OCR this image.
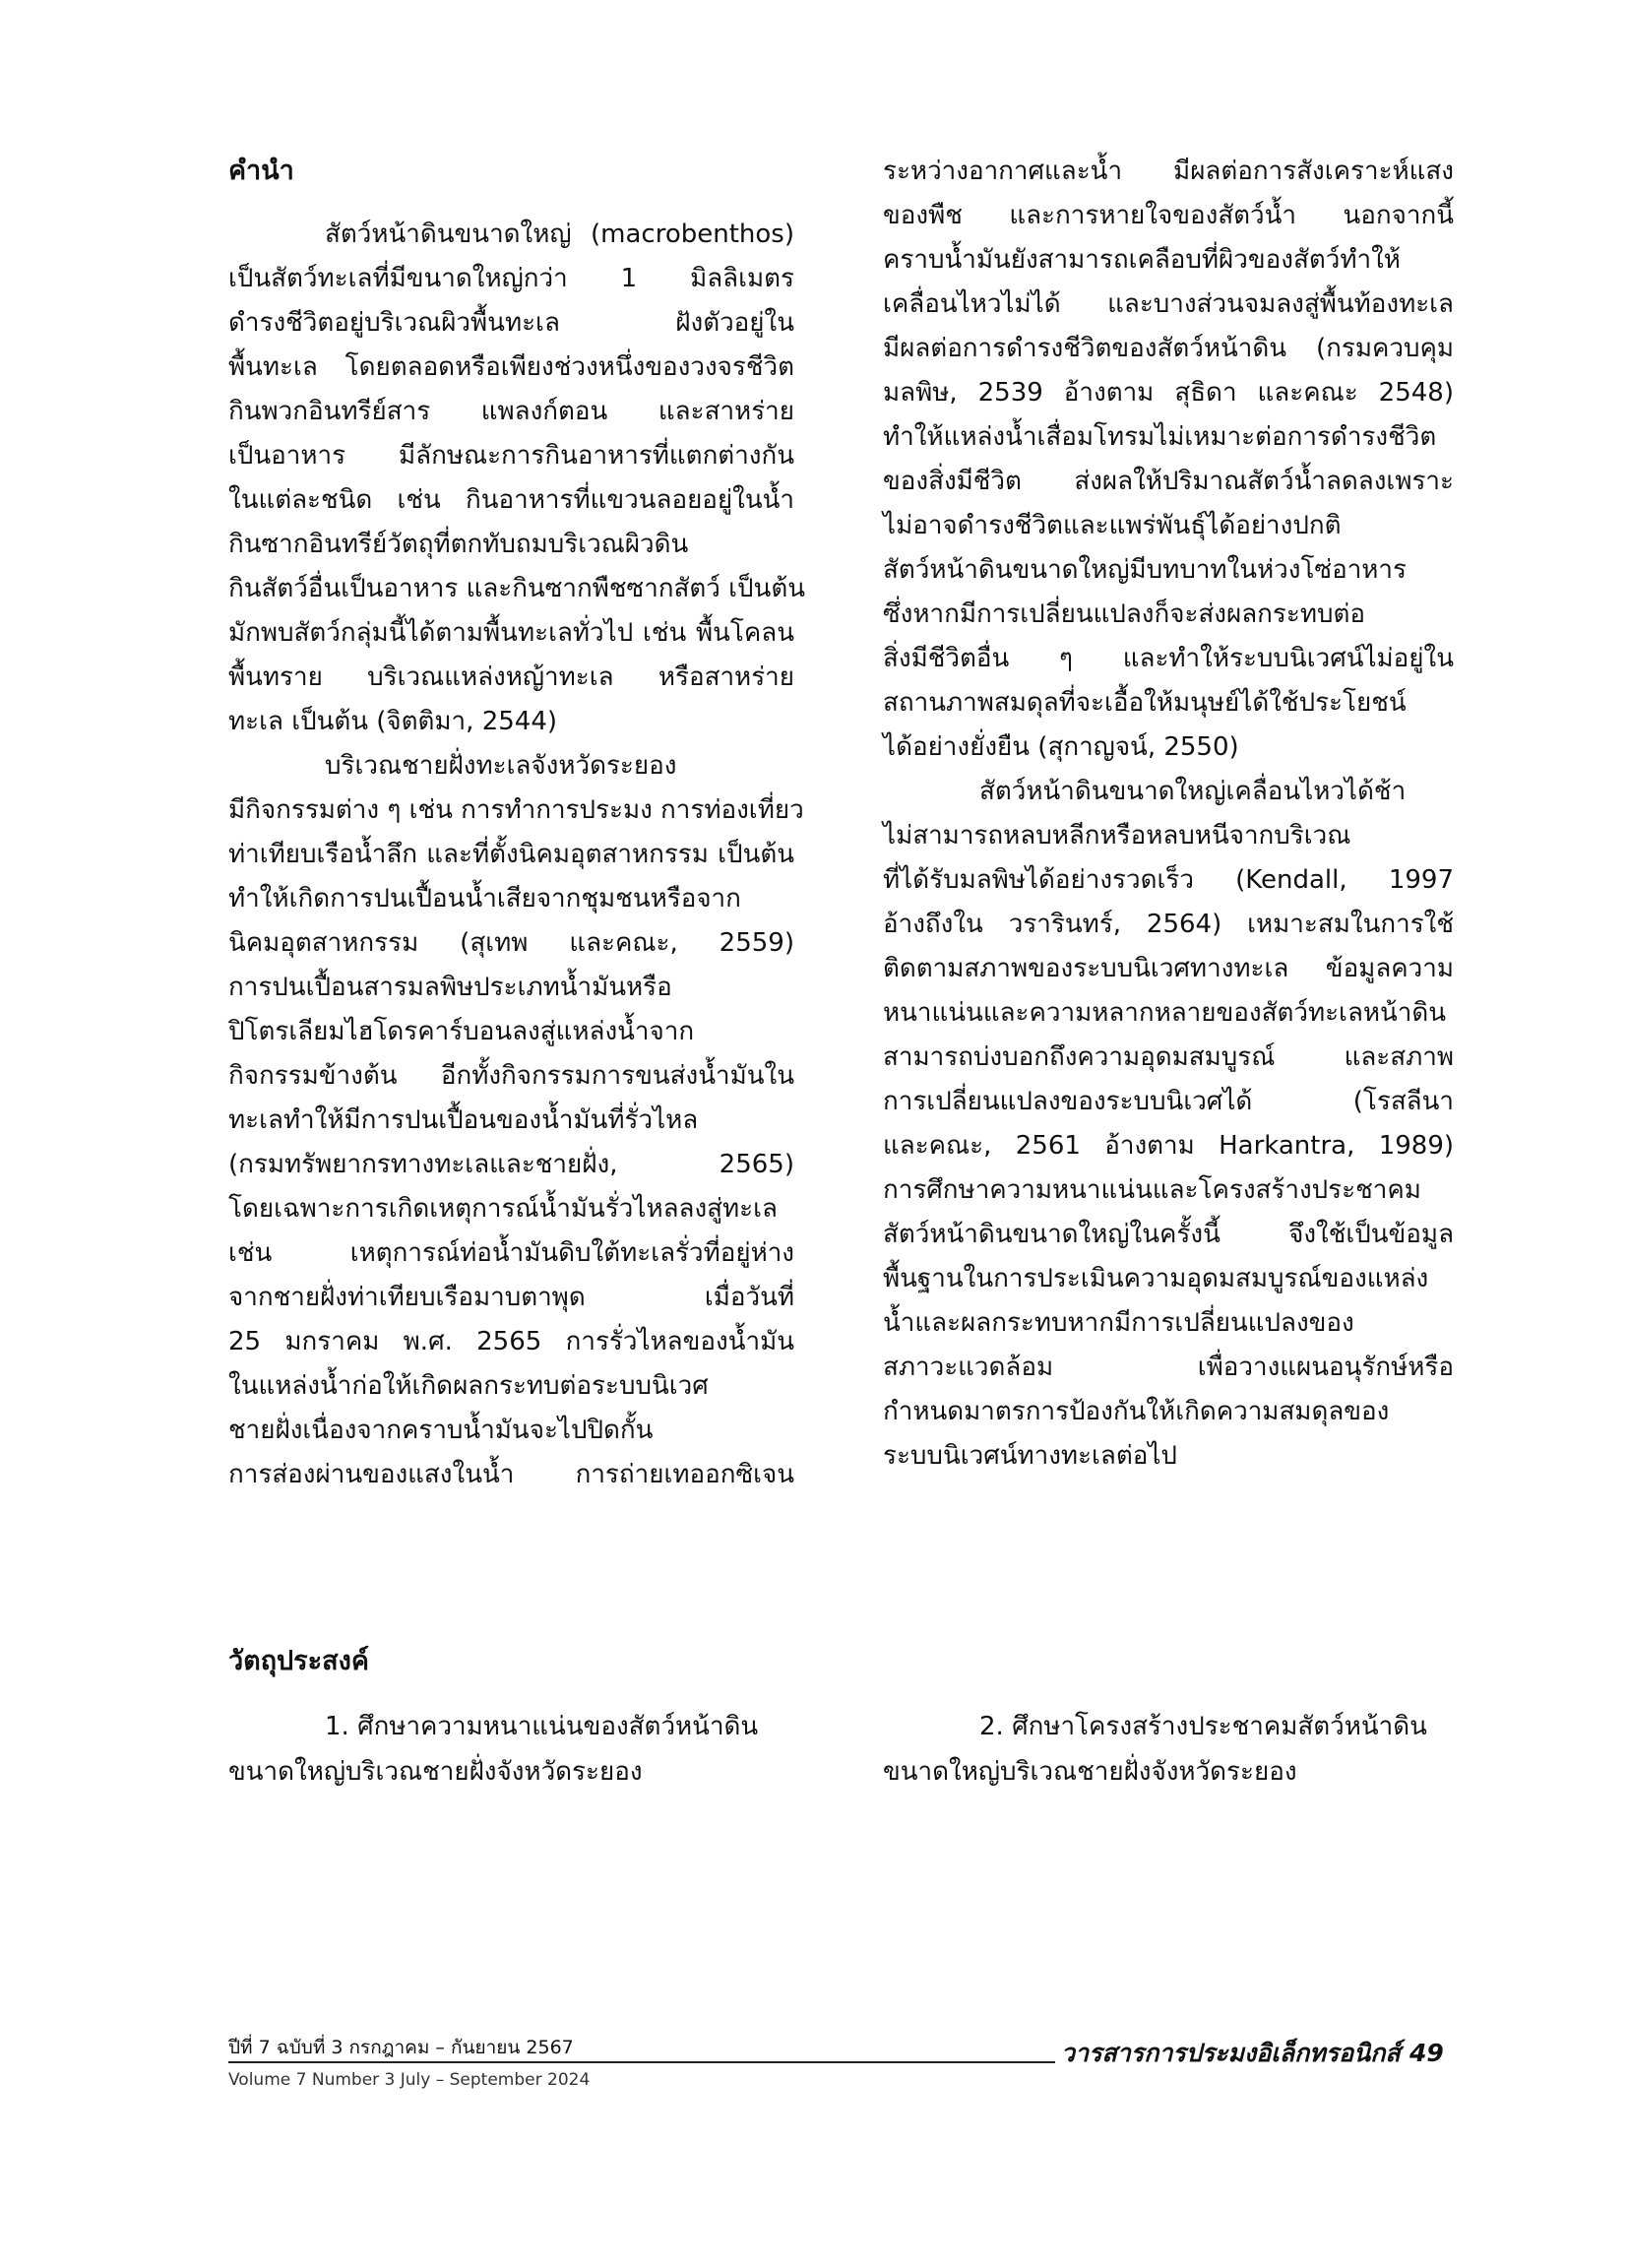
คำนำ
สัตว์หน้าดินขนาดใหญ่ (macrobenthos)
เป็นสัตว์ทะเลที่มีขนาดใหญ่กว่า 1 มิลลิเมตร
ดำรงชีวิตอยู่บริเวณผิวพื้นทะเล ฝังตัวอยู่ใน
พื้นทะเล โดยตลอดหรือเพียงช่วงหนึ่งของวงจรชีวิต
กินพวกอินทรีย์สาร แพลงก์ตอน และสาหร่าย
เป็นอาหาร มีลักษณะการกินอาหารที่แตกต่างกัน
ในแต่ละชนิด เช่น กินอาหารที่แขวนลอยอยู่ในน้ำ
กินซากอินทรีย์วัตถุที่ตกทับถมบริเวณผิวดิน
กินสัตว์อื่นเป็นอาหาร และกินซากพืชซากสัตว์ เป็นต้น
มักพบสัตว์กลุ่มนี้ได้ตามพื้นทะเลทั่วไป เช่น พื้นโคลน
พื้นทราย บริเวณแหล่งหญ้าทะเล หรือสาหร่าย
ทะเล เป็นต้น (จิตติมา, 2544)
บริเวณชายฝั่งทะเลจังหวัดระยอง
มีกิจกรรมต่าง ๆ เช่น การทำการประมง การท่องเที่ยว
ท่าเทียบเรือน้ำลึก และที่ตั้งนิคมอุตสาหกรรม เป็นต้น
ทำให้เกิดการปนเปื้อนน้ำเสียจากชุมชนหรือจาก
นิคมอุตสาหกรรม (สุเทพ และคณะ, 2559)
การปนเปื้อนสารมลพิษประเภทน้ำมันหรือ
ปิโตรเลียมไฮโดรคาร์บอนลงสู่แหล่งน้ำจาก
กิจกรรมข้างต้น อีกทั้งกิจกรรมการขนส่งน้ำมันใน
ทะเลทำให้มีการปนเปื้อนของน้ำมันที่รั่วไหล
(กรมทรัพยากรทางทะเลและชายฝั่ง, 2565)
โดยเฉพาะการเกิดเหตุการณ์น้ำมันรั่วไหลลงสู่ทะเล
เช่น เหตุการณ์ท่อน้ำมันดิบใต้ทะเลรั่วที่อยู่ห่าง
จากชายฝั่งท่าเทียบเรือมาบตาพุด เมื่อวันที่
25 มกราคม พ.ศ. 2565 การรั่วไหลของน้ำมัน
ในแหล่งน้ำก่อให้เกิดผลกระทบต่อระบบนิเวศ
ชายฝั่งเนื่องจากคราบน้ำมันจะไปปิดกั้น
การส่องผ่านของแสงในน้ำ การถ่ายเทออกซิเจน
ระหว่างอากาศและน้ำ มีผลต่อการสังเคราะห์แสง
ของพืช และการหายใจของสัตว์น้ำ นอกจากนี้
คราบน้ำมันยังสามารถเคลือบที่ผิวของสัตว์ทำให้
เคลื่อนไหวไม่ได้ และบางส่วนจมลงสู่พื้นท้องทะเล
มีผลต่อการดำรงชีวิตของสัตว์หน้าดิน (กรมควบคุม
มลพิษ, 2539 อ้างตาม สุธิดา และคณะ 2548)
ทำให้แหล่งน้ำเสื่อมโทรมไม่เหมาะต่อการดำรงชีวิต
ของสิ่งมีชีวิต ส่งผลให้ปริมาณสัตว์น้ำลดลงเพราะ
ไม่อาจดำรงชีวิตและแพร่พันธุ์ได้อย่างปกติ
สัตว์หน้าดินขนาดใหญ่มีบทบาทในห่วงโซ่อาหาร
ซึ่งหากมีการเปลี่ยนแปลงก็จะส่งผลกระทบต่อ
สิ่งมีชีวิตอื่น ๆ และทำให้ระบบนิเวศน์ไม่อยู่ใน
สถานภาพสมดุลที่จะเอื้อให้มนุษย์ได้ใช้ประโยชน์
ได้อย่างยั่งยืน (สุกาญจน์, 2550)
สัตว์หน้าดินขนาดใหญ่เคลื่อนไหวได้ช้า
ไม่สามารถหลบหลีกหรือหลบหนีจากบริเวณ
ที่ได้รับมลพิษได้อย่างรวดเร็ว (Kendall, 1997
อ้างถึงใน วรารินทร์, 2564) เหมาะสมในการใช้
ติดตามสภาพของระบบนิเวศทางทะเล ข้อมูลความ
หนาแน่นและความหลากหลายของสัตว์ทะเลหน้าดิน
สามารถบ่งบอกถึงความอุดมสมบูรณ์ และสภาพ
การเปลี่ยนแปลงของระบบนิเวศได้ (โรสลีนา
และคณะ, 2561 อ้างตาม Harkantra, 1989)
การศึกษาความหนาแน่นและโครงสร้างประชาคม
สัตว์หน้าดินขนาดใหญ่ในครั้งนี้ จึงใช้เป็นข้อมูล
พื้นฐานในการประเมินความอุดมสมบูรณ์ของแหล่ง
น้ำและผลกระทบหากมีการเปลี่ยนแปลงของ
สภาวะแวดล้อม เพื่อวางแผนอนุรักษ์หรือ
กำหนดมาตรการป้องกันให้เกิดความสมดุลของ
ระบบนิเวศน์ทางทะเลต่อไป
วัตถุประสงค์
1. ศึกษาความหนาแน่นของสัตว์หน้าดิน
ขนาดใหญ่บริเวณชายฝั่งจังหวัดระยอง
2. ศึกษาโครงสร้างประชาคมสัตว์หน้าดิน
ขนาดใหญ่บริเวณชายฝั่งจังหวัดระยอง
ปีที่ 7 ฉบับที่ 3 กรกฎาคม – กันยายน 2567
Volume 7 Number 3 July – September 2024
วารสารการประมงอิเล็กทรอนิกส์ 49
